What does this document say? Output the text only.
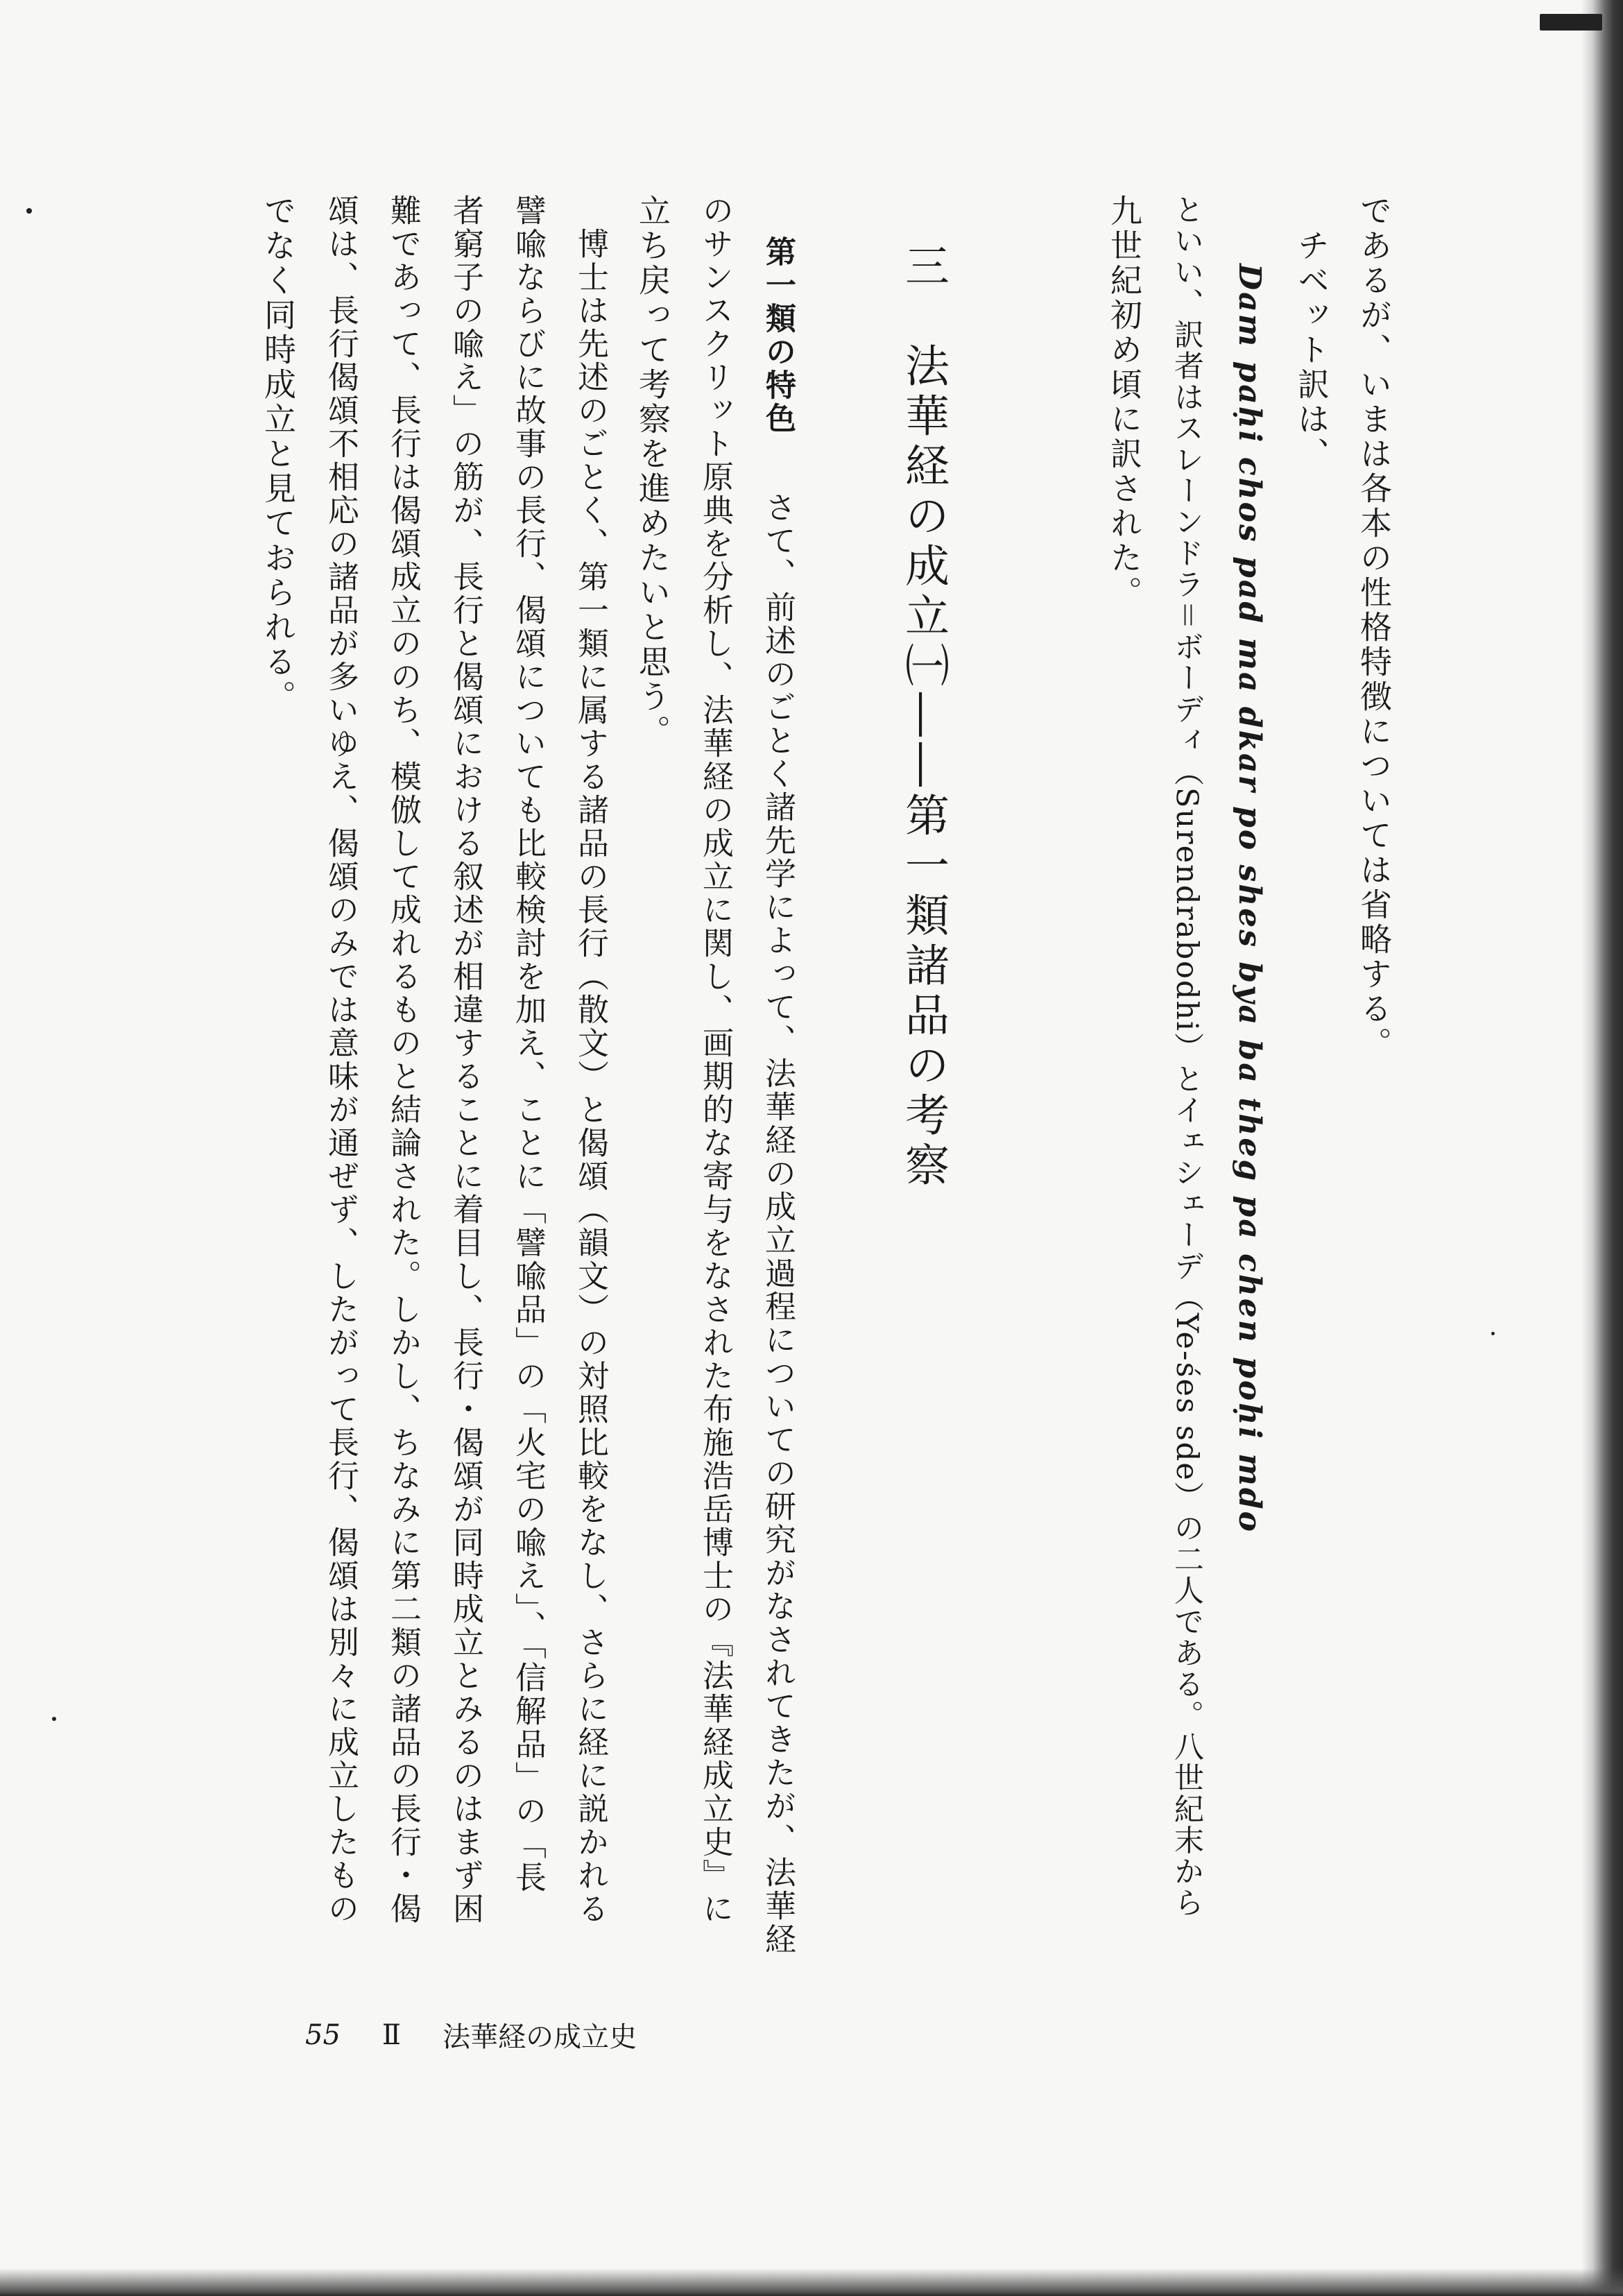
であるが、いまは各本の性格特徴については省略する。
　チベット訳は、
Dam paḥi chos pad ma dkar po shes bya ba theg pa chen poḥi mdo
といい、訳者はスレーンドラ＝ボーディ（Surendrabodhi）とイェシェーデ（Ye-śes sde）の二人である。八世紀末から
九世紀初め頃に訳された。
三　法華経の成立㈠――第一類諸品の考察
第一類の特色
　さて、前述のごとく諸先学によって、法華経の成立過程についての研究がなされてきたが、法華経
のサンスクリット原典を分析し、法華経の成立に関し、画期的な寄与をなされた布施浩岳博士の『法華経成立史』に
立ち戻って考察を進めたいと思う。
　博士は先述のごとく、第一類に属する諸品の長行（散文）と偈頌（韻文）の対照比較をなし、さらに経に説かれる
譬喩ならびに故事の長行、偈頌についても比較検討を加え、ことに「譬喩品」の「火宅の喩え」、「信解品」の「長
者窮子の喩え」の筋が、長行と偈頌における叙述が相違することに着目し、長行・偈頌が同時成立とみるのはまず困
難であって、長行は偈頌成立ののち、模倣して成れるものと結論された。しかし、ちなみに第二類の諸品の長行・偈
頌は、長行偈頌不相応の諸品が多いゆえ、偈頌のみでは意味が通ぜず、したがって長行、偈頌は別々に成立したもの
でなく同時成立と見ておられる。
55 Ⅱ 法華経の成立史
